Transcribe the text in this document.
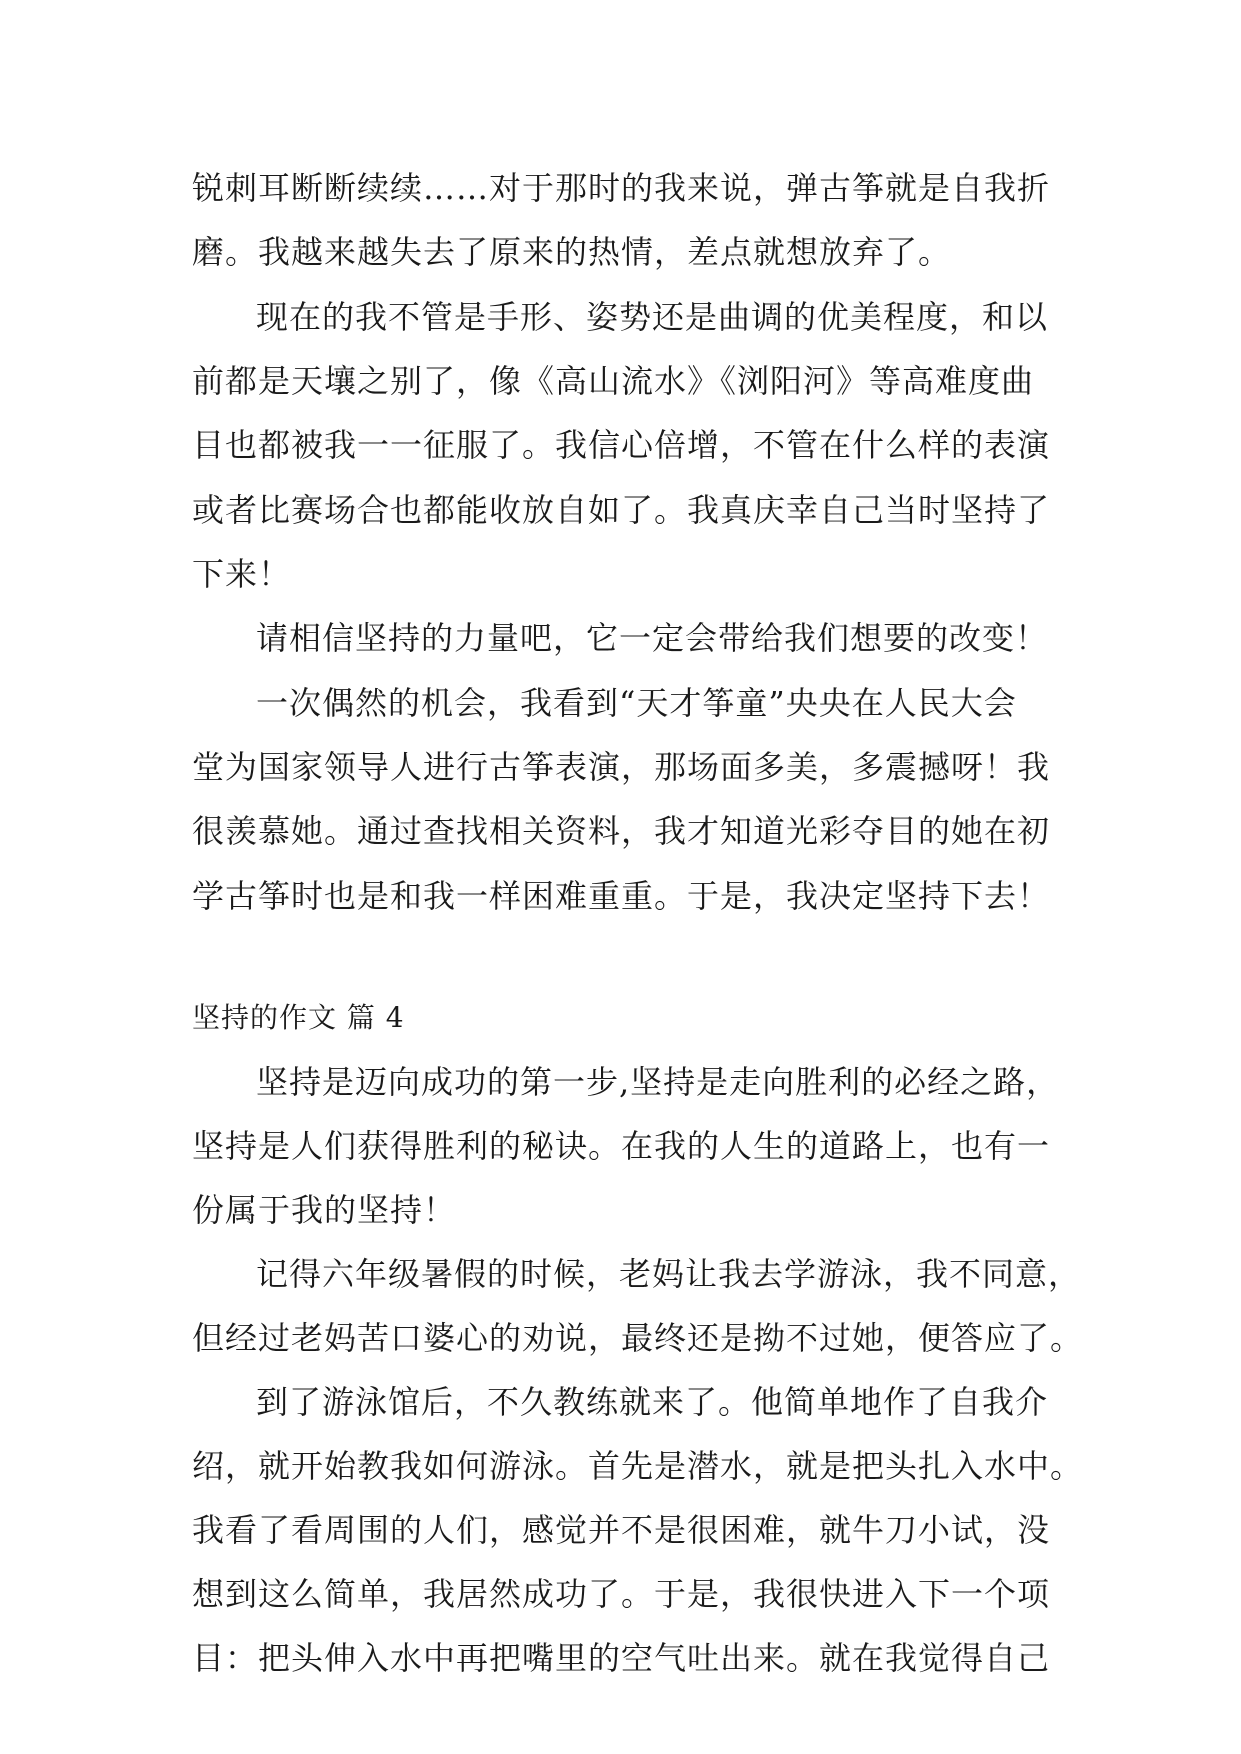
锐刺耳断断续续……对于那时的我来说，弹古筝就是自我折
磨。我越来越失去了原来的热情，差点就想放弃了。
现在的我不管是手形、姿势还是曲调的优美程度，和以
前都是天壤之别了，像《高山流水》《浏阳河》等高难度曲
目也都被我一一征服了。我信心倍增，不管在什么样的表演
或者比赛场合也都能收放自如了。我真庆幸自己当时坚持了
下来！
请相信坚持的力量吧，它一定会带给我们想要的改变！
一次偶然的机会，我看到“天才筝童”央央在人民大会
堂为国家领导人进行古筝表演，那场面多美，多震撼呀！我
很羡慕她。通过查找相关资料，我才知道光彩夺目的她在初
学古筝时也是和我一样困难重重。于是，我决定坚持下去！
坚持的作文 篇 4
坚持是迈向成功的第一步,坚持是走向胜利的必经之路，
坚持是人们获得胜利的秘诀。在我的人生的道路上，也有一
份属于我的坚持！
记得六年级暑假的时候，老妈让我去学游泳，我不同意，
但经过老妈苦口婆心的劝说，最终还是拗不过她，便答应了。
到了游泳馆后，不久教练就来了。他简单地作了自我介
绍，就开始教我如何游泳。首先是潜水，就是把头扎入水中。
我看了看周围的人们，感觉并不是很困难，就牛刀小试，没
想到这么简单，我居然成功了。于是，我很快进入下一个项
目：把头伸入水中再把嘴里的空气吐出来。就在我觉得自己
